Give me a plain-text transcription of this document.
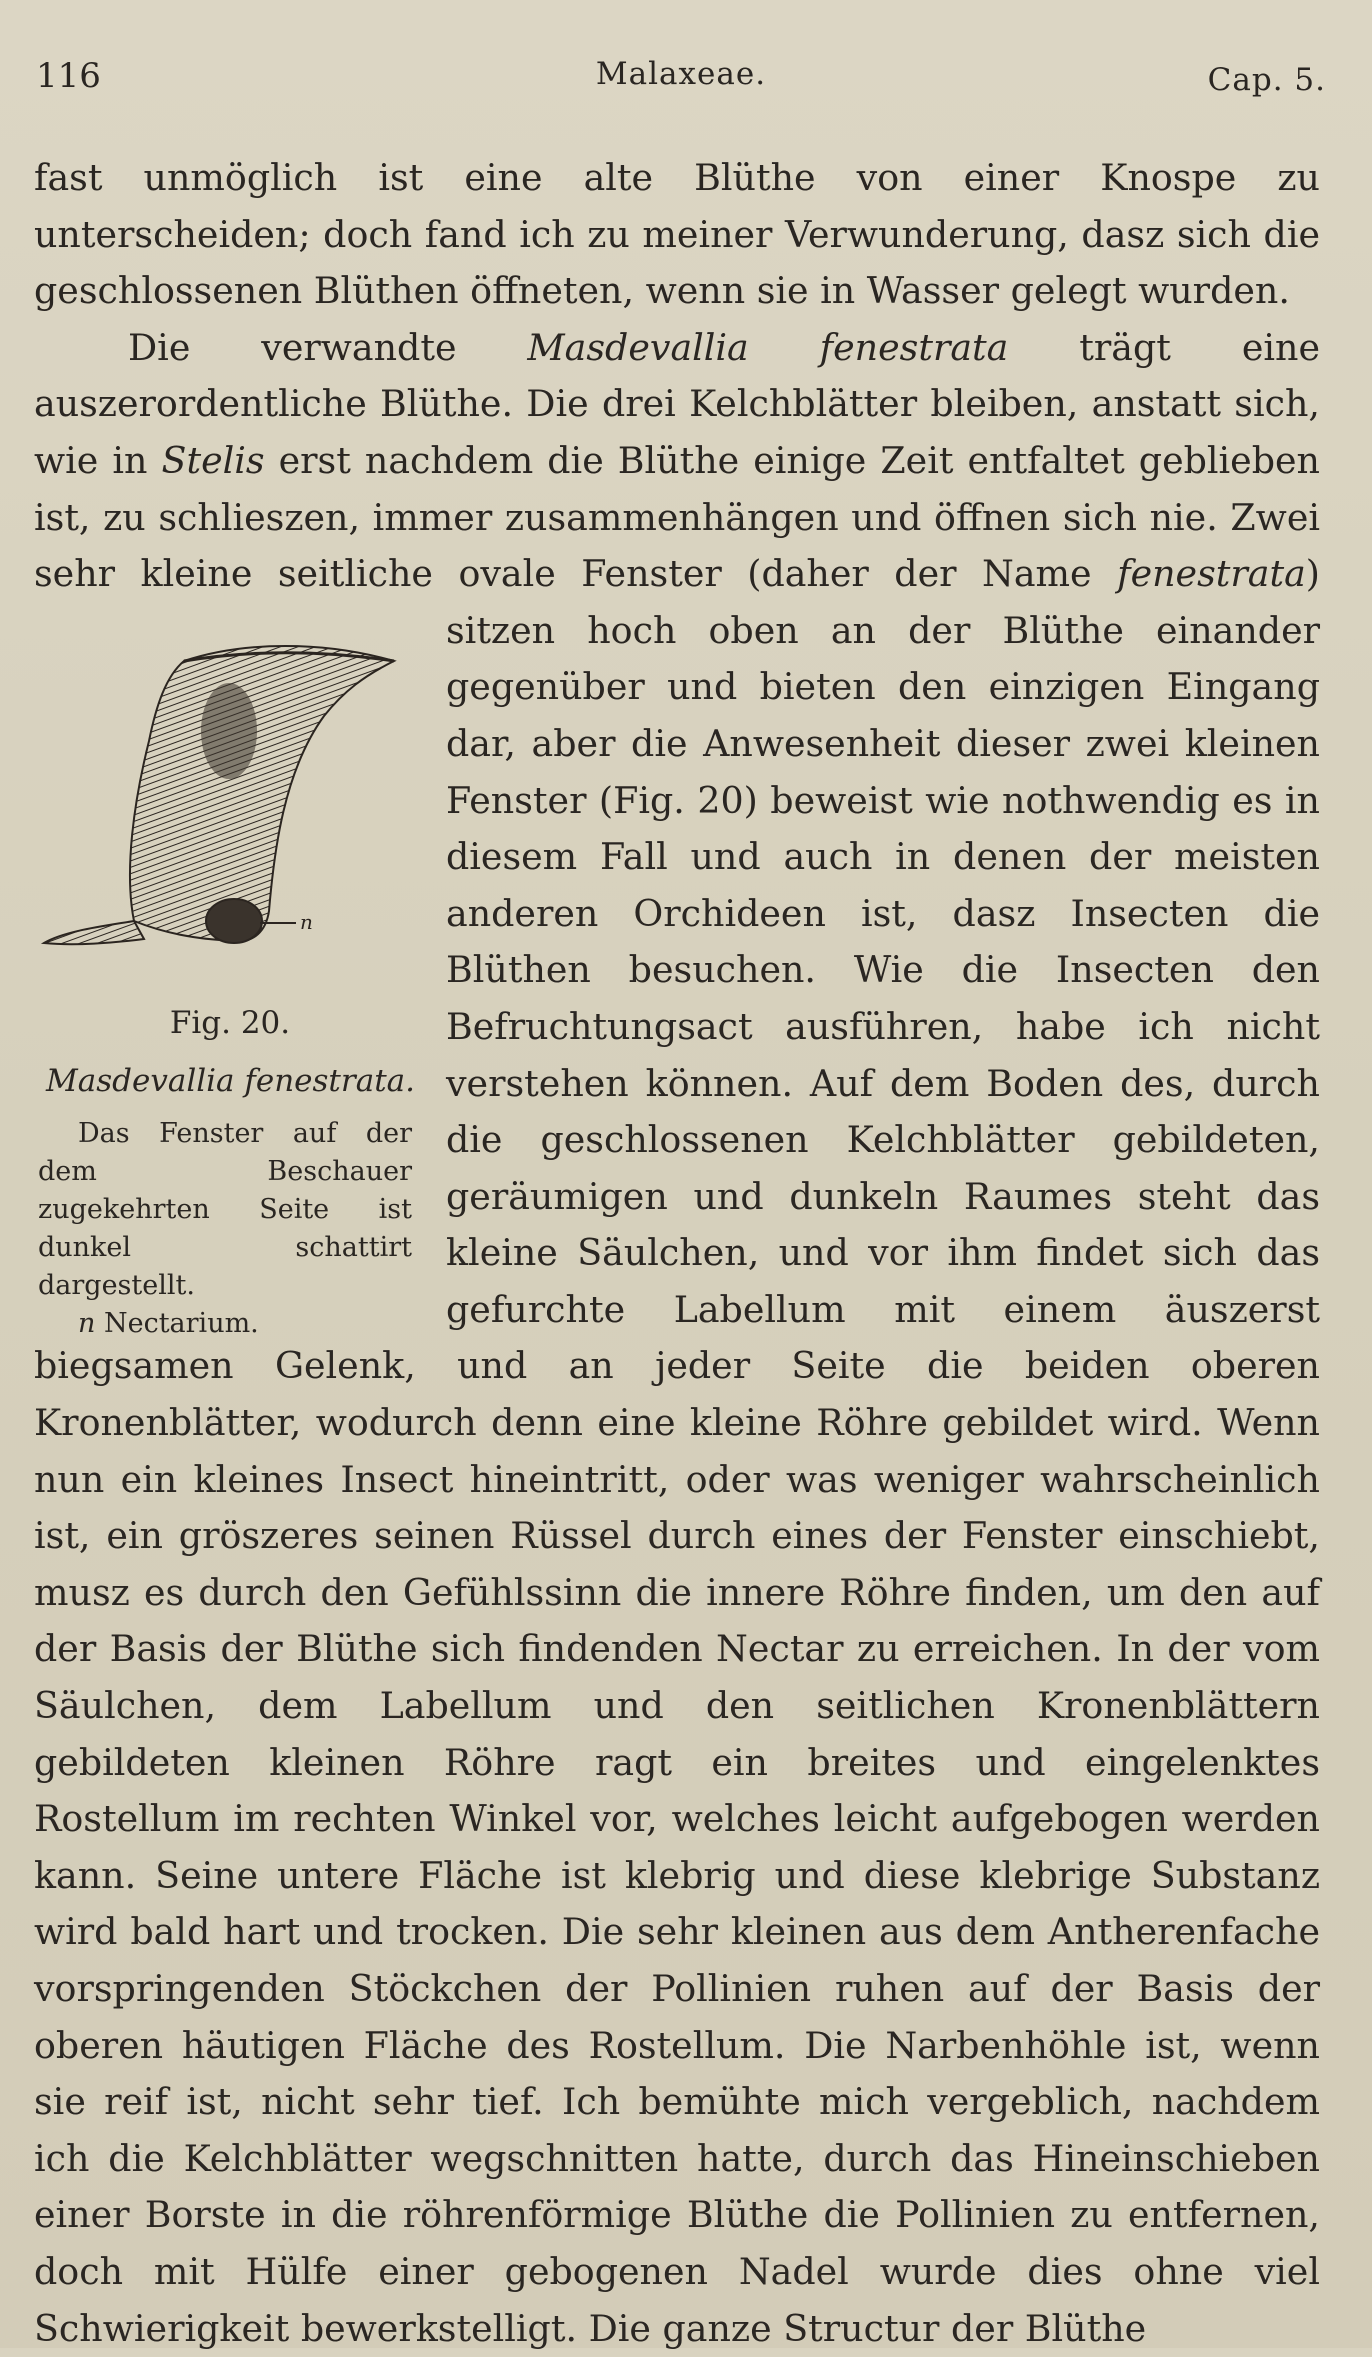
116	Malaxeae.	Cap. 5.

fast unmöglich ist eine alte Blüthe von einer Knospe zu unterscheiden; doch fand ich zu meiner Verwunderung, dasz sich die geschlossenen Blüthen öffneten, wenn sie in Wasser gelegt wurden.

Die verwandte Masdevallia fenestrata trägt eine auszerordentliche Blüthe. Die drei Kelchblätter bleiben, anstatt sich, wie in Stelis erst nachdem die Blüthe einige Zeit entfaltet geblieben ist, zu schlieszen, immer zusammenhängen und öffnen sich nie. Zwei sehr kleine seitliche ovale Fenster (daher der Name
n
Fig. 20.
Masdevallia fenestrata.
Das Fenster auf der dem Beschauer zugekehrten Seite ist dunkel schattirt dargestellt.
n Nectarium.
fenestrata) sitzen hoch oben an der Blüthe einander gegenüber und bieten den einzigen Eingang dar, aber die Anwesenheit dieser zwei kleinen Fenster (Fig. 20) beweist wie nothwendig es in diesem Fall und auch in denen der meisten anderen Orchideen ist, dasz Insecten die Blüthen besuchen. Wie die Insecten den Befruchtungsact ausführen, habe ich nicht verstehen können. Auf dem Boden des, durch die geschlossenen Kelchblätter gebildeten, geräumigen und dunkeln Raumes steht das kleine Säulchen, und vor ihm findet sich das gefurchte Labellum mit einem äuszerst biegsamen Gelenk, und an jeder Seite die beiden oberen Kronenblätter, wodurch denn eine kleine Röhre gebildet wird. Wenn nun ein kleines Insect hineintritt, oder was weniger wahrscheinlich ist, ein gröszeres seinen Rüssel durch eines der Fenster einschiebt, musz es durch den Gefühlssinn die innere Röhre finden, um den auf der Basis der Blüthe sich findenden Nectar zu erreichen. In der vom Säulchen, dem Labellum und den seitlichen Kronenblättern gebildeten kleinen Röhre ragt ein breites und eingelenktes Rostellum im rechten Winkel vor, welches leicht aufgebogen werden kann. Seine untere Fläche ist klebrig und diese klebrige Substanz wird bald hart und trocken. Die sehr kleinen aus dem Antherenfache vorspringenden Stöckchen der Pollinien ruhen auf der Basis der oberen häutigen Fläche des Rostellum. Die Narbenhöhle ist, wenn sie reif ist, nicht sehr tief. Ich bemühte mich vergeblich, nachdem ich die Kelchblätter wegschnitten hatte, durch das Hineinschieben einer Borste in die röhrenförmige Blüthe die Pollinien zu entfernen, doch mit Hülfe einer gebogenen Nadel wurde dies ohne viel Schwierigkeit bewerkstelligt. Die ganze Structur der Blüthe
